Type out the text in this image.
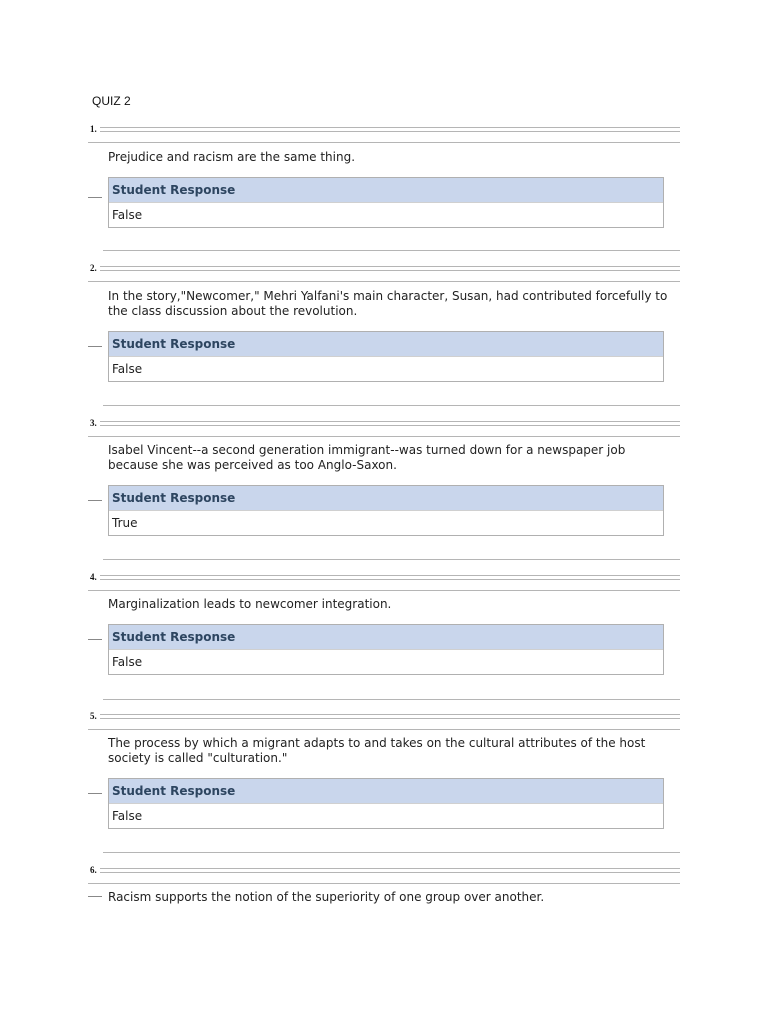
QUIZ 2
1.
Prejudice and racism are the same thing.
Student Response
False
2.
In the story,"Newcomer," Mehri Yalfani's main character, Susan, had contributed forcefully to the class discussion about the revolution.
Student Response
False
3.
Isabel Vincent--a second generation immigrant--was turned down for a newspaper job because she was perceived as too Anglo-Saxon.
Student Response
True
4.
Marginalization leads to newcomer integration.
Student Response
False
5.
The process by which a migrant adapts to and takes on the cultural attributes of the host society is called "culturation."
Student Response
False
6.
Racism supports the notion of the superiority of one group over another.
